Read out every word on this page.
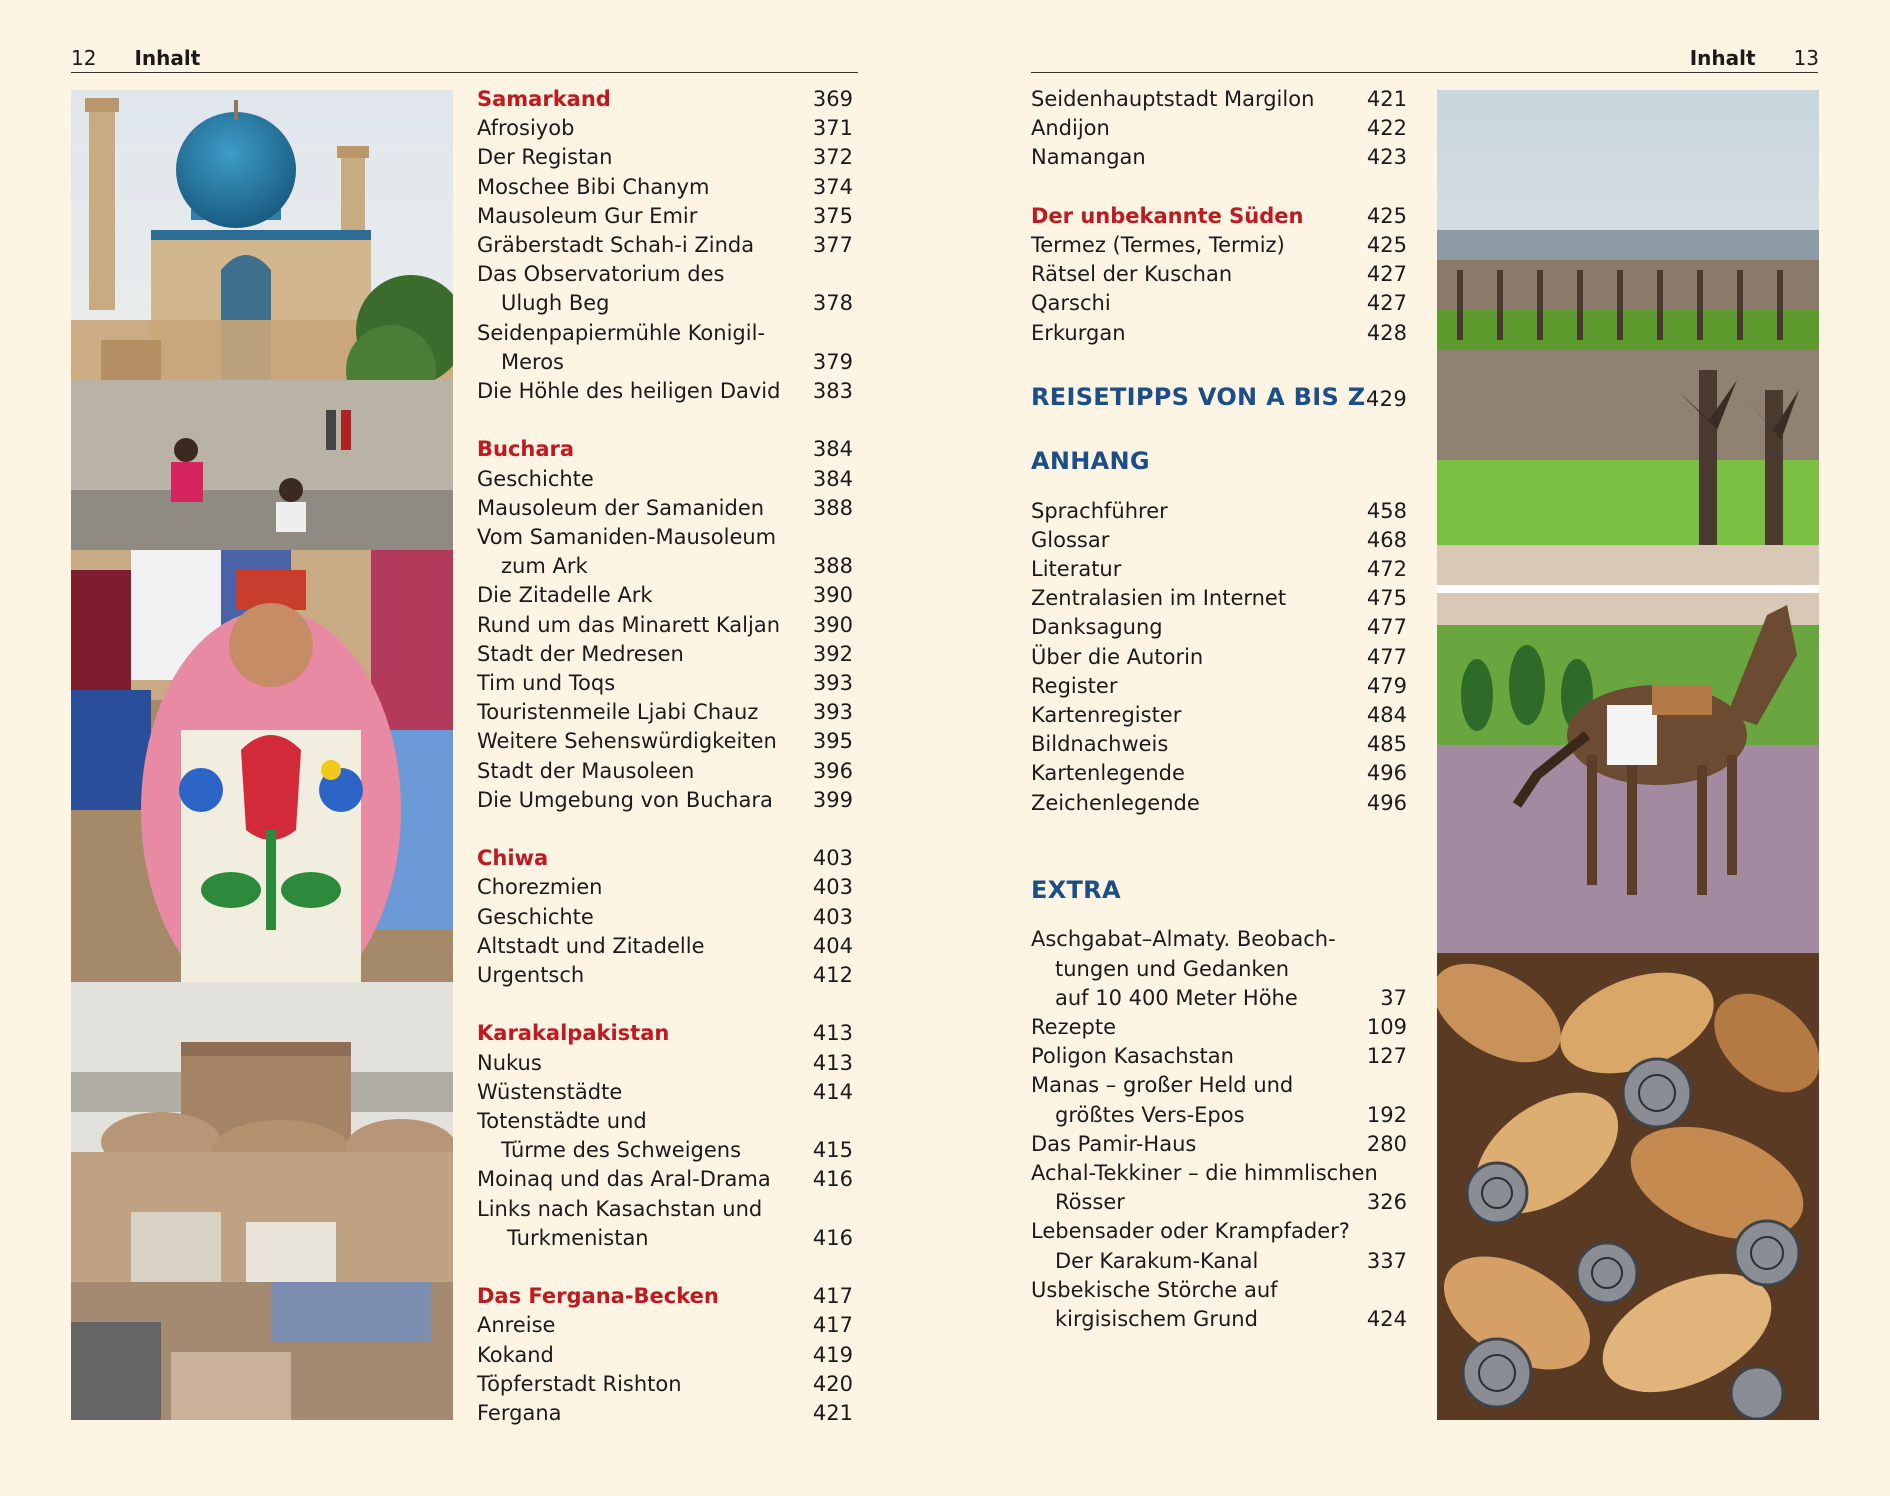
12 Inhalt	Inhalt 13
Samarkand	369
Afrosiyob	371
Der Registan	372
Moschee Bibi Chanym	374
Mausoleum Gur Emir	375
Gräberstadt Schah-i Zinda	377
Das Observatorium des
Ulugh Beg	378
Seidenpapiermühle Konigil-
Meros	379
Die Höhle des heiligen David 383
Buchara	384
Geschichte	384
Mausoleum der Samaniden 388
Vom Samaniden-Mausoleum
zum Ark	388
Die Zitadelle Ark	390
Rund um das Minarett Kaljan 390
Stadt der Medresen	392
Tim und Toqs	393
Touristenmeile Ljabi Chauz	393
Weitere Sehenswürdigkeiten 395
Stadt der Mausoleen	396
Die Umgebung von Buchara 399
Chiwa	403
Chorezmien	403
Geschichte	403
Altstadt und Zitadelle	404
Urgentsch	412
Karakalpakistan	413
Nukus	413
Wüstenstädte	414
Totenstädte und
Türme des Schweigens	415
Moinaq und das Aral-Drama 416
Links nach Kasachstan und
Turkmenistan	416
Das Fergana-Becken	417
Anreise	417
Kokand	419
Töpferstadt Rishton	420
Fergana	421
Seidenhauptstadt Margilon	421
Andijon	422
Namangan	423
Der unbekannte Süden	425
Termez (Termes, Termiz)	425
Rätsel der Kuschan	427
Qarschi	427
Erkurgan	428
REISETIPPS VON A BIS Z 429
ANHANG
Sprachführer	458
Glossar	468
Literatur	472
Zentralasien im Internet	475
Danksagung	477
Über die Autorin	477
Register	479
Kartenregister	484
Bildnachweis	485
Kartenlegende	496
Zeichenlegende	496
EXTRA
Aschgabat–Almaty. Beobach-
tungen und Gedanken
auf 10 400 Meter Höhe	37
Rezepte	109
Poligon Kasachstan	127
Manas – großer Held und
größtes Vers-Epos	192
Das Pamir-Haus	280
Achal-Tekkiner – die himmlischen
Rösser	326
Lebensader oder Krampfader?
Der Karakum-Kanal	337
Usbekische Störche auf
kirgisischem Grund	424
